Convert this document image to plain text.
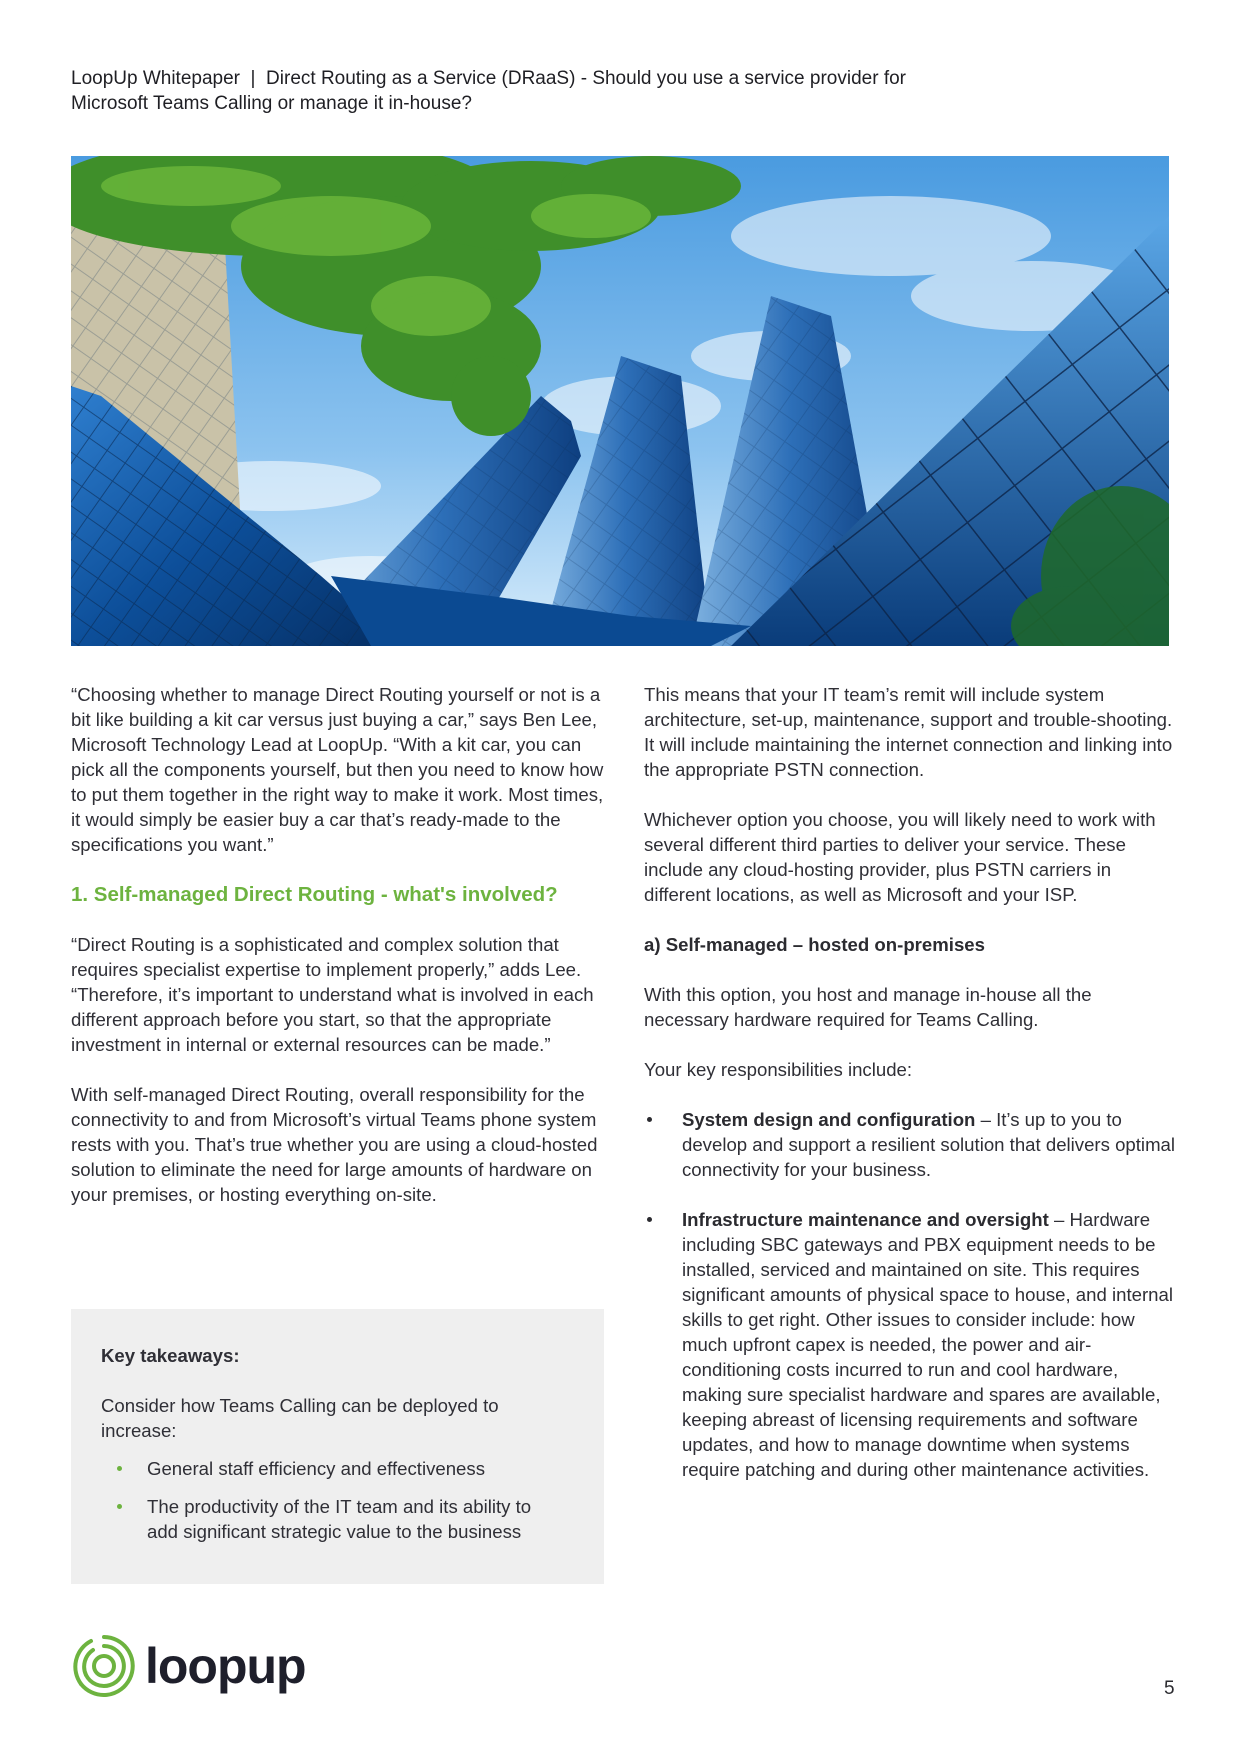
LoopUp Whitepaper  |  Direct Routing as a Service (DRaaS) - Should you use a service provider for
Microsoft Teams Calling or manage it in-house?

“Choosing whether to manage Direct Routing yourself or not is a bit like building a kit car versus just buying a car,” says Ben Lee, Microsoft Technology Lead at LoopUp. “With a kit car, you can pick all the components yourself, but then you need to know how to put them together in the right way to make it work. Most times, it would simply be easier buy a car that’s ready-made to the specifications you want.”

1. Self-managed Direct Routing - what's involved?

“Direct Routing is a sophisticated and complex solution that requires specialist expertise to implement properly,” adds Lee. “Therefore, it’s important to understand what is involved in each different approach before you start, so that the appropriate investment in internal or external resources can be made.”

With self-managed Direct Routing, overall responsibility for the connectivity to and from Microsoft’s virtual Teams phone system rests with you. That’s true whether you are using a cloud-hosted solution to eliminate the need for large amounts of hardware on your premises, or hosting everything on-site.

Key takeaways:
Consider how Teams Calling can be deployed to increase:
General staff efficiency and effectiveness
The productivity of the IT team and its ability to add significant strategic value to the business

This means that your IT team’s remit will include system architecture, set-up, maintenance, support and trouble-shooting. It will include maintaining the internet connection and linking into the appropriate PSTN connection.

Whichever option you choose, you will likely need to work with several different third parties to deliver your service. These include any cloud-hosting provider, plus PSTN carriers in different locations, as well as Microsoft and your ISP.

a) Self-managed – hosted on-premises

With this option, you host and manage in-house all the necessary hardware required for Teams Calling.

Your key responsibilities include:

System design and configuration – It’s up to you to develop and support a resilient solution that delivers optimal connectivity for your business.
Infrastructure maintenance and oversight – Hardware including SBC gateways and PBX equipment needs to be installed, serviced and maintained on site. This requires significant amounts of physical space to house, and internal skills to get right. Other issues to consider include: how much upfront capex is needed, the power and air-conditioning costs incurred to run and cool hardware, making sure specialist hardware and spares are available, keeping abreast of licensing requirements and software updates, and how to manage downtime when systems require patching and during other maintenance activities.
loopup	5
